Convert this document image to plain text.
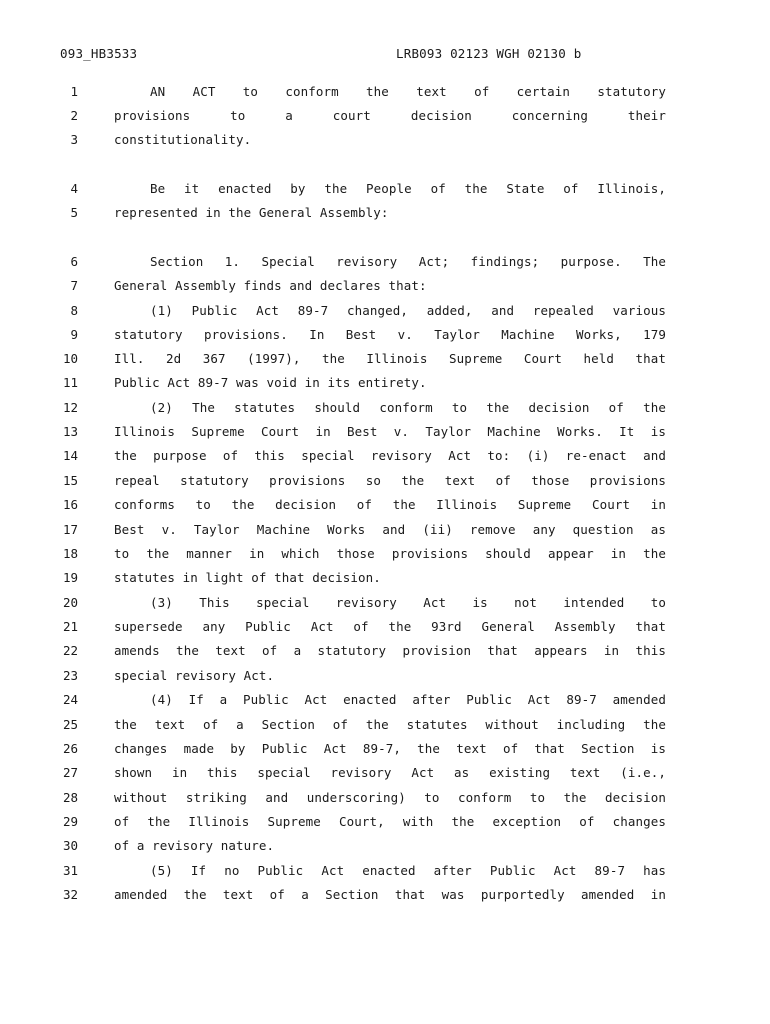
093_HB3533	LRB093 02123 WGH 02130 b
1	AN ACT to conform the text of certain statutory
2	provisions to a court decision concerning their
3	constitutionality.
4	Be it enacted by the People of the State of Illinois,
5	represented in the General Assembly:
6	Section 1. Special revisory Act; findings; purpose. The
7	General Assembly finds and declares that:
8	(1) Public Act 89-7 changed, added, and repealed various
9	statutory provisions. In Best v. Taylor Machine Works, 179
10	Ill. 2d 367 (1997), the Illinois Supreme Court held that
11	Public Act 89-7 was void in its entirety.
12	(2) The statutes should conform to the decision of the
13	Illinois Supreme Court in Best v. Taylor Machine Works. It is
14	the purpose of this special revisory Act to: (i) re-enact and
15	repeal statutory provisions so the text of those provisions
16	conforms to the decision of the Illinois Supreme Court in
17	Best v. Taylor Machine Works and (ii) remove any question as
18	to the manner in which those provisions should appear in the
19	statutes in light of that decision.
20	(3) This special revisory Act is not intended to
21	supersede any Public Act of the 93rd General Assembly that
22	amends the text of a statutory provision that appears in this
23	special revisory Act.
24	(4) If a Public Act enacted after Public Act 89-7 amended
25	the text of a Section of the statutes without including the
26	changes made by Public Act 89-7, the text of that Section is
27	shown in this special revisory Act as existing text (i.e.,
28	without striking and underscoring) to conform to the decision
29	of the Illinois Supreme Court, with the exception of changes
30	of a revisory nature.
31	(5) If no Public Act enacted after Public Act 89-7 has
32	amended the text of a Section that was purportedly amended in
